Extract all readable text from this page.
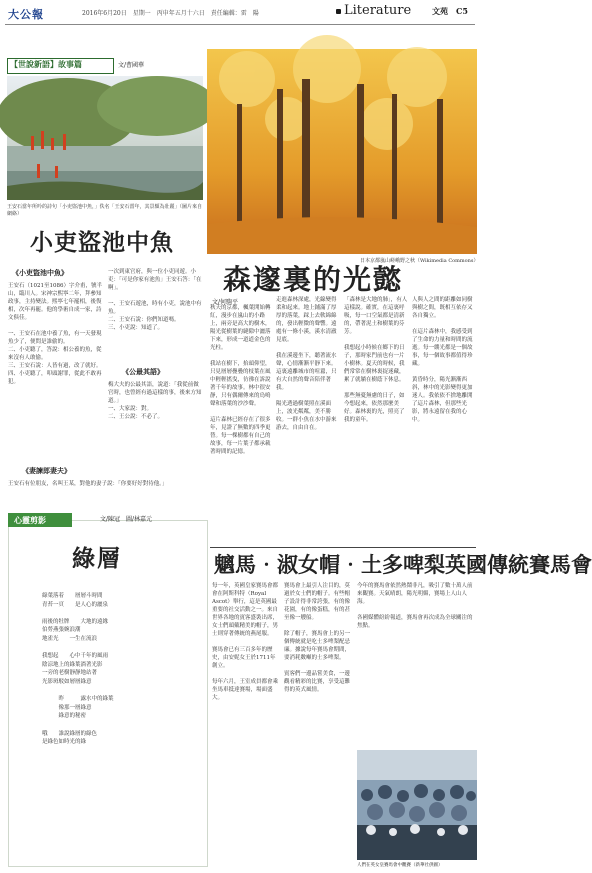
大公報	2016年6月20日　星期一　丙申年五月十六日　責任編輯：雷　陽	Literature	文苑 C5
【世說新語】故事篇	文/曹國華
王安石當年所吟的詩句「小吏盜池中魚，」佚名「王安石當年，其景頗為壯麗」（圖片來自網絡）
小吏盜池中魚
《小吏盜池中魚》
王安石（1021至1086）字介甫，號半山，臨川人。宋神宗熙寧二年，拜參知政事，主持變法。熙寧七年罷相，後復相，次年再罷。他的學術自成一家，詩文俱佳。

一、王安石在池中養了魚，有一天發現魚少了，便問是誰偷的。
二、小吏聽了，答說：相公養的魚，從來沒有人敢偷。
三、王安石說：人皆有過，改了就好。
四、小吏聽了，叩頭謝罪，從此不敢再犯。
一次到東官府，與一位小吏同遊。小吏：「可是你家有池魚」王安石答：「在啊」。

一、王安石遊池，時有小吏，說池中有魚。
二、王安石說：你們知道嗎。
三、小吏說：知道了。

《公最其語》
梅大夫的公最其語，說道：「我從前做官時，也曾經有過這樣的事，後來方知道。」
一、大家說：對。
二、王公說：不必了。
《妻諫郎妻夫》
王安石有位朋友，名叫王某，對他的妻子說：「你要好好對待他。」
心靈剪影	文/陳冠　圖/林嘉元
綠層
綠葉落着　　層層斗時間
青苔一頁　　是人心的灑泉

雨後的牡牌　　大地的遠緣
伯勞燕張婉浪潮
地雀光　　一生在流浪

我想起　　心中千年的風雨
陰涼地上的綠葉淌著光影
一旁的老樹靜靜地站著
光影斑駁如層層綠意

　　　昨　　　露水中的綠葉
　　　像那一層綠意
　　　綠意的秘密

哦　　誰說綠層的綠色
是綠色如時光的綠
日本京都嵐山嵯峨野之秋（Wikimedia Commons）
森邃裏的光懿
文/何駒平
秋天的京都，楓葉開始轉紅，漫步在嵐山的小路上，兩旁是高大的樹木，陽光從樹葉的縫隙中灑落下來，形成一道道金色的光柱。

我站在樹下，抬頭仰望，只見層層疊疊的枝葉在風中輕輕搖曳，彷彿在訴說著千年的故事。林中很安靜，只有偶爾傳來的鳥鳴聲和落葉的沙沙聲。

這片森林已經存在了很多年，見證了無數的四季更替。每一棵樹都有自己的故事，每一片葉子都承載著時間的記憶。
走進森林深處，光線變得柔和起來。地上鋪滿了厚厚的落葉，踩上去軟綿綿的，發出輕微的聲響。遠處有一條小溪，溪水清澈見底。

我在溪邊坐下，聽著流水聲，心情漸漸平靜下來。這裏遠離城市的喧囂，只有大自然的聲音陪伴著我。

陽光透過樹葉照在溪面上，波光粼粼，美不勝收。一群小魚在水中游來游去，自由自在。
「森林是大地的肺」，有人這樣說。確實，在這裏呼吸，每一口空氣都是清新的，帶著泥土和樹葉的芬芳。

我想起小時候在鄉下的日子，那時家門前也有一片小樹林。夏天的時候，我們常常在樹林裏捉迷藏，累了就躺在樹蔭下休息。

那些無憂無慮的日子，如今想起來，依然那麼美好。森林裏的光，照亮了我的童年。
人與人之間的距離如同樹與樹之間，既相互依存又各自獨立。

在這片森林中，我感受到了生命的力量和時間的流逝。每一縷光都是一個故事，每一個故事都值得珍藏。

黃昏時分，陽光漸漸西斜，林中的光影變得更加迷人。我依依不捨地離開了這片森林，但那些光影，將永遠留在我的心中。
魑馬‧淑女帽‧土多啤梨英國傳統賽馬會
每一年，英國皇家賽馬會都會在阿斯科特（Royal Ascot）舉行，這是英國最重要的社交活動之一。來自世界各地的賓客盛裝出席，女士們頭戴精美的帽子，男士則穿著傳統的燕尾服。

賽馬會已有三百多年的歷史，由安妮女王於1711年創立。

每年六月，王室成員都會乘坐馬車抵達賽場，場面盛大。
賽馬會上最引人注目的，莫過於女士們的帽子。有些帽子設計得非常誇張，有的像花園，有的像蛋糕，有的甚至像一艘船。

除了帽子，賽馬會上的另一個傳統就是吃士多啤梨配忌廉。據說每年賽馬會期間，要消耗數噸的士多啤梨。

賓客們一邊品嘗美食，一邊觀看精彩的比賽，享受這難得的英式風情。
今年的賽馬會依然熱鬧非凡，吸引了數十萬人前來觀賽。天氣晴朗，陽光明媚，賽場上人山人海。

各國媒體紛紛報道，賽馬會再次成為全球關注的焦點。
人們在英女皇賽馬會中觀賽（新華社供圖）
